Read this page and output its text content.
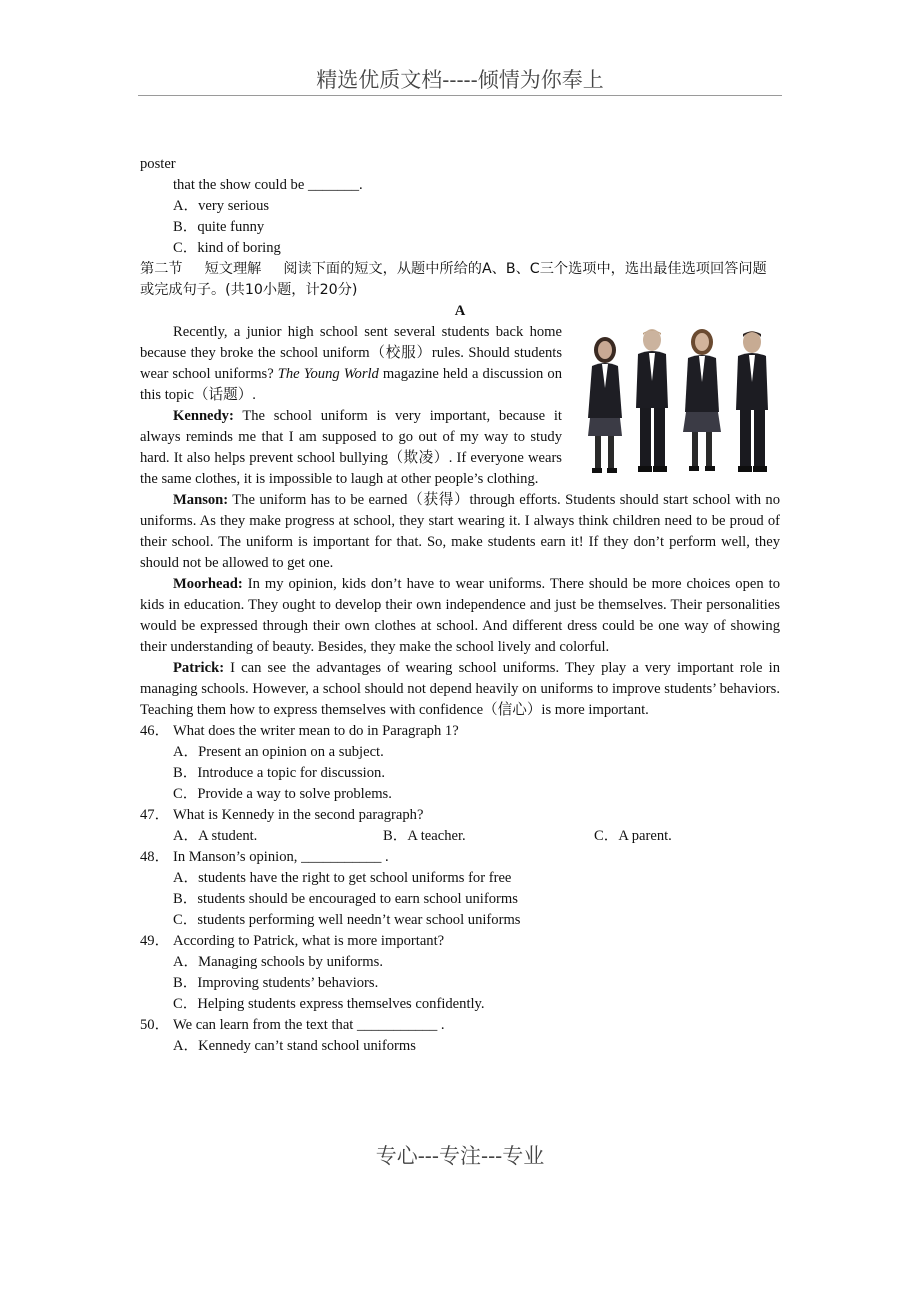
精选优质文档-----倾情为你奉上
poster
that the show could be _______.
A．very serious
B．quite funny
C．kind of boring
第二节 短文理解 阅读下面的短文，从题中所给的A、B、C三个选项中，选出最佳选项回答问题或完成句子。(共10小题，计20分)
A

Recently, a junior high school sent several students back home because they broke the school uniform（校服）rules. Should students wear school uniforms? The Young World magazine held a discussion on this topic（话题）.

Kennedy: The school uniform is very important, because it always reminds me that I am supposed to go out of my way to study hard. It also helps prevent school bullying（欺凌）. If everyone wears the same clothes, it is impossible to laugh at other people’s clothing.

Manson: The uniform has to be earned（获得）through efforts. Students should start school with no uniforms. As they make progress at school, they start wearing it. I always think children need to be proud of their school. The uniform is important for that. So, make students earn it! If they don’t perform well, they should not be allowed to get one.

Moorhead: In my opinion, kids don’t have to wear uniforms. There should be more choices open to kids in education. They ought to develop their own independence and just be themselves. Their personalities would be expressed through their own clothes at school. And different dress could be one way of showing their understanding of beauty. Besides, they make the school lively and colorful.

Patrick: I can see the advantages of wearing school uniforms. They play a very important role in managing schools. However, a school should not depend heavily on uniforms to improve students’ behaviors. Teaching them how to express themselves with confidence（信心）is more important.

46． What does the writer mean to do in Paragraph 1?
A．Present an opinion on a subject.
B．Introduce a topic for discussion.
C．Provide a way to solve problems.
47． What is Kennedy in the second paragraph?
A．A student.	B．A teacher.	C．A parent.
48． In Manson’s opinion, ___________ .
A．students have the right to get school uniforms for free
B．students should be encouraged to earn school uniforms
C．students performing well needn’t wear school uniforms
49． According to Patrick, what is more important?
A．Managing schools by uniforms.
B．Improving students’ behaviors.
C．Helping students express themselves confidently.
50． We can learn from the text that ___________ .
A．Kennedy can’t stand school uniforms
专心---专注---专业
